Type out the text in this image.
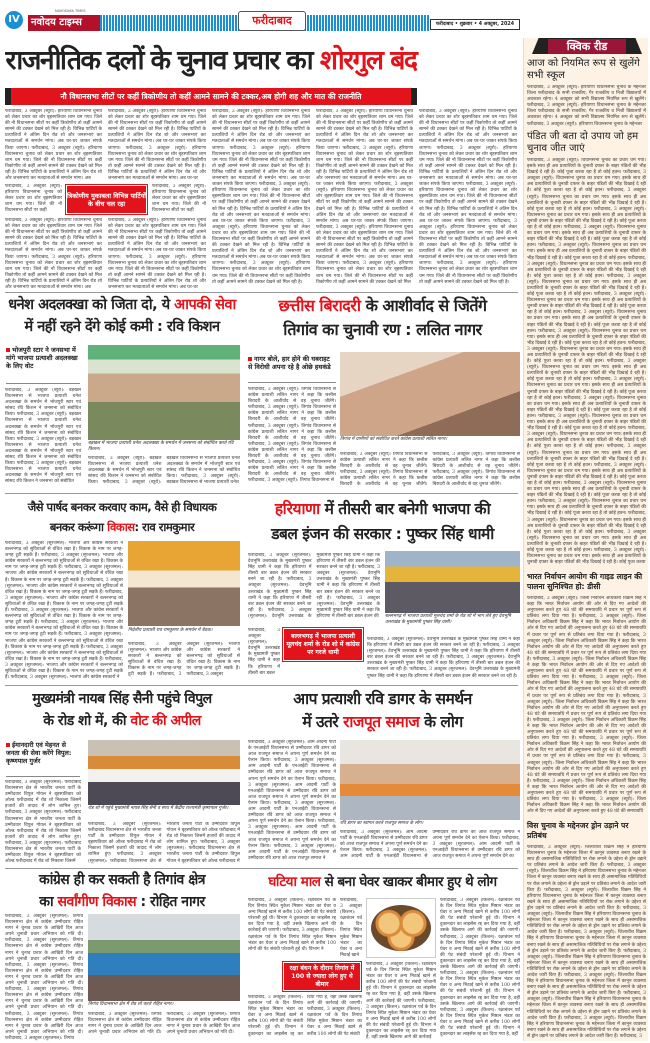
IV
NAVODAYA TIMES
नवोदय टाइम्स	फरीदाबाद	फरीदाबाद • शुक्रवार • 4 अक्टूबर, 2024
राजनीतिक दलों के चुनाव प्रचार का शोरगुल बंद
नौ विधानसभा सीटों पर कहीं त्रिकोणीय तो कहीं आमने सामने की टक्कर,अब होगी शह और मात की राजनीति
फरीदाबाद, 3 अक्टूबर (ब्यूरो): हरियाणा विधानसभा चुनाव को लेकर प्रचार का शोर बृहस्पतिवार शाम थम गया। जिले की नौ विधानसभा सीटों पर कहीं त्रिकोणीय तो कहीं आमने सामने की टक्कर देखने को मिल रही है। विभिन्न पार्टियों के प्रत्याशियों ने अंतिम दिन रोड शो और जनसभाएं कर मतदाताओं से समर्थन मांगा। अब घर-घर जाकर संपर्क किया जाएगा। फरीदाबाद, 3 अक्टूबर (ब्यूरो): हरियाणा विधानसभा चुनाव को लेकर प्रचार का शोर बृहस्पतिवार शाम थम गया। जिले की नौ विधानसभा सीटों पर कहीं त्रिकोणीय तो कहीं आमने सामने की टक्कर देखने को मिल रही है। विभिन्न पार्टियों के प्रत्याशियों ने अंतिम दिन रोड शो और जनसभाएं कर मतदाताओं से समर्थन मांगा। अब
फरीदाबाद, 3 अक्टूबर (ब्यूरो): हरियाणा विधानसभा चुनाव को लेकर प्रचार का शोर बृहस्पतिवार शाम थम गया। जिले की नौ विधानसभा सीटों पर कहीं
फरीदाबाद, 3 अक्टूबर (ब्यूरो): हरियाणा विधानसभा चुनाव को लेकर प्रचार का शोर बृहस्पतिवार शाम थम गया। जिले की नौ विधानसभा सीटों पर कहीं त्रिकोणीय तो कहीं आमने सामने की टक्कर देखने को मिल रही है। विभिन्न पार्टियों के प्रत्याशियों ने अंतिम दिन रोड शो और जनसभाएं कर मतदाताओं से समर्थन मांगा। अब घर-घर जाकर संपर्क किया जाएगा। फरीदाबाद, 3 अक्टूबर (ब्यूरो): हरियाणा विधानसभा चुनाव को लेकर प्रचार का शोर बृहस्पतिवार शाम थम गया। जिले की नौ विधानसभा सीटों पर कहीं त्रिकोणीय तो कहीं आमने सामने की टक्कर देखने को मिल रही है। विभिन्न पार्टियों के प्रत्याशियों ने अंतिम दिन रोड शो और जनसभाएं कर मतदाताओं से समर्थन मांगा। अब
फरीदाबाद, 3 अक्टूबर (ब्यूरो): हरियाणा विधानसभा चुनाव को लेकर प्रचार का शोर बृहस्पतिवार शाम थम गया। जिले की नौ विधानसभा सीटों पर कहीं त्रिकोणीय तो कहीं आमने सामने की टक्कर देखने को मिल रही है। विभिन्न पार्टियों के प्रत्याशियों ने अंतिम दिन रोड शो और जनसभाएं कर मतदाताओं से समर्थन मांगा। अब घर-घर जाकर संपर्क किया जाएगा। फरीदाबाद, 3 अक्टूबर (ब्यूरो): हरियाणा विधानसभा चुनाव को लेकर प्रचार का शोर बृहस्पतिवार शाम थम गया। जिले की नौ विधानसभा सीटों पर कहीं त्रिकोणीय तो कहीं आमने सामने की टक्कर देखने को मिल रही है। विभिन्न पार्टियों के प्रत्याशियों ने अंतिम दिन रोड शो और जनसभाएं कर मतदाताओं से समर्थन मांगा। अब घर-घर
फरीदाबाद, 3 अक्टूबर (ब्यूरो): हरियाणा विधानसभा चुनाव को लेकर प्रचार का शोर बृहस्पतिवार शाम थम गया। जिले की नौ विधानसभा सीटों पर कहीं
फरीदाबाद, 3 अक्टूबर (ब्यूरो): हरियाणा विधानसभा चुनाव को लेकर प्रचार का शोर बृहस्पतिवार शाम थम गया। जिले की नौ विधानसभा सीटों पर कहीं त्रिकोणीय तो कहीं आमने सामने की टक्कर देखने को मिल रही है। विभिन्न पार्टियों के प्रत्याशियों ने अंतिम दिन रोड शो और जनसभाएं कर मतदाताओं से समर्थन मांगा। अब घर-घर जाकर संपर्क किया जाएगा। फरीदाबाद, 3 अक्टूबर (ब्यूरो): हरियाणा विधानसभा चुनाव को लेकर प्रचार का शोर बृहस्पतिवार शाम थम गया। जिले की नौ विधानसभा सीटों पर कहीं त्रिकोणीय तो कहीं आमने सामने की टक्कर देखने को मिल रही है। विभिन्न पार्टियों के प्रत्याशियों ने अंतिम दिन रोड शो और जनसभाएं कर मतदाताओं से समर्थन मांगा। अब घर-घर
फरीदाबाद, 3 अक्टूबर (ब्यूरो): हरियाणा विधानसभा चुनाव को लेकर प्रचार का शोर बृहस्पतिवार शाम थम गया। जिले की नौ विधानसभा सीटों पर कहीं त्रिकोणीय तो कहीं आमने सामने की टक्कर देखने को मिल रही है। विभिन्न पार्टियों के प्रत्याशियों ने अंतिम दिन रोड शो और जनसभाएं कर मतदाताओं से समर्थन मांगा। अब घर-घर जाकर संपर्क किया जाएगा। फरीदाबाद, 3 अक्टूबर (ब्यूरो): हरियाणा विधानसभा चुनाव को लेकर प्रचार का शोर बृहस्पतिवार शाम थम गया। जिले की नौ विधानसभा सीटों पर कहीं त्रिकोणीय तो कहीं आमने सामने की टक्कर देखने को मिल रही है। विभिन्न पार्टियों के प्रत्याशियों ने अंतिम दिन रोड शो और जनसभाएं कर मतदाताओं से समर्थन मांगा। अब घर-घर जाकर संपर्क किया जाएगा। फरीदाबाद, 3 अक्टूबर (ब्यूरो): हरियाणा विधानसभा चुनाव को लेकर प्रचार का शोर बृहस्पतिवार शाम थम गया। जिले की नौ विधानसभा सीटों पर कहीं त्रिकोणीय तो कहीं आमने सामने की टक्कर देखने को मिल रही है। विभिन्न पार्टियों के प्रत्याशियों ने अंतिम दिन रोड शो और जनसभाएं कर मतदाताओं से समर्थन मांगा। अब घर-घर जाकर संपर्क किया जाएगा। फरीदाबाद, 3 अक्टूबर (ब्यूरो): हरियाणा विधानसभा चुनाव को लेकर प्रचार का शोर बृहस्पतिवार शाम थम गया। जिले की नौ विधानसभा सीटों पर कहीं त्रिकोणीय तो कहीं आमने सामने की टक्कर देखने को मिल रही है। विभिन्न पार्टियों के प्रत्याशियों ने अंतिम दिन रोड शो और जनसभाएं कर मतदाताओं से समर्थन मांगा। अब घर-घर जाकर संपर्क किया जाएगा। फरीदाबाद, 3 अक्टूबर (ब्यूरो): हरियाणा विधानसभा चुनाव को लेकर प्रचार का शोर बृहस्पतिवार शाम थम गया। जिले की नौ विधानसभा सीटों पर कहीं त्रिकोणीय तो कहीं आमने सामने की टक्कर देखने को मिल रही है।
फरीदाबाद, 3 अक्टूबर (ब्यूरो): हरियाणा विधानसभा चुनाव को लेकर प्रचार का शोर बृहस्पतिवार शाम थम गया। जिले की नौ विधानसभा सीटों पर कहीं त्रिकोणीय तो कहीं आमने सामने की टक्कर देखने को मिल रही है। विभिन्न पार्टियों के प्रत्याशियों ने अंतिम दिन रोड शो और जनसभाएं कर मतदाताओं से समर्थन मांगा। अब घर-घर जाकर संपर्क किया जाएगा। फरीदाबाद, 3 अक्टूबर (ब्यूरो): हरियाणा विधानसभा चुनाव को लेकर प्रचार का शोर बृहस्पतिवार शाम थम गया। जिले की नौ विधानसभा सीटों पर कहीं त्रिकोणीय तो कहीं आमने सामने की टक्कर देखने को मिल रही है। विभिन्न पार्टियों के प्रत्याशियों ने अंतिम दिन रोड शो और जनसभाएं कर मतदाताओं से समर्थन मांगा। अब घर-घर जाकर संपर्क किया जाएगा। फरीदाबाद, 3 अक्टूबर (ब्यूरो): हरियाणा विधानसभा चुनाव को लेकर प्रचार का शोर बृहस्पतिवार शाम थम गया। जिले की नौ विधानसभा सीटों पर कहीं त्रिकोणीय तो कहीं आमने सामने की टक्कर देखने को मिल रही है। विभिन्न पार्टियों के प्रत्याशियों ने अंतिम दिन रोड शो और जनसभाएं कर मतदाताओं से समर्थन मांगा। अब घर-घर जाकर संपर्क किया जाएगा। फरीदाबाद, 3 अक्टूबर (ब्यूरो): हरियाणा विधानसभा चुनाव को लेकर प्रचार का शोर बृहस्पतिवार शाम थम गया। जिले की नौ विधानसभा सीटों पर कहीं त्रिकोणीय तो कहीं आमने सामने की टक्कर देखने को मिल रही है। विभिन्न पार्टियों के प्रत्याशियों ने अंतिम दिन रोड शो और जनसभाएं कर मतदाताओं से समर्थन मांगा। अब घर-घर जाकर संपर्क किया जाएगा। फरीदाबाद, 3 अक्टूबर (ब्यूरो): हरियाणा विधानसभा चुनाव को लेकर प्रचार का शोर बृहस्पतिवार शाम थम गया। जिले की नौ विधानसभा सीटों पर कहीं त्रिकोणीय तो कहीं आमने सामने की टक्कर देखने को मिल
फरीदाबाद, 3 अक्टूबर (ब्यूरो): हरियाणा विधानसभा चुनाव को लेकर प्रचार का शोर बृहस्पतिवार शाम थम गया। जिले की नौ विधानसभा सीटों पर कहीं त्रिकोणीय तो कहीं आमने सामने की टक्कर देखने को मिल रही है। विभिन्न पार्टियों के प्रत्याशियों ने अंतिम दिन रोड शो और जनसभाएं कर मतदाताओं से समर्थन मांगा। अब घर-घर जाकर संपर्क किया जाएगा। फरीदाबाद, 3 अक्टूबर (ब्यूरो): हरियाणा विधानसभा चुनाव को लेकर प्रचार का शोर बृहस्पतिवार शाम थम गया। जिले की नौ विधानसभा सीटों पर कहीं त्रिकोणीय तो कहीं आमने सामने की टक्कर देखने को मिल रही है। विभिन्न पार्टियों के प्रत्याशियों ने अंतिम दिन रोड शो और जनसभाएं कर मतदाताओं से समर्थन मांगा। अब घर-घर जाकर संपर्क किया जाएगा। फरीदाबाद, 3 अक्टूबर (ब्यूरो): हरियाणा विधानसभा चुनाव को लेकर प्रचार का शोर बृहस्पतिवार शाम थम गया। जिले की नौ विधानसभा सीटों पर कहीं त्रिकोणीय तो कहीं आमने सामने की टक्कर देखने को मिल रही है। विभिन्न पार्टियों के प्रत्याशियों ने अंतिम दिन रोड शो और जनसभाएं कर मतदाताओं से समर्थन मांगा। अब घर-घर जाकर संपर्क किया जाएगा। फरीदाबाद, 3 अक्टूबर (ब्यूरो): हरियाणा विधानसभा चुनाव को लेकर प्रचार का शोर बृहस्पतिवार शाम थम गया। जिले की नौ विधानसभा सीटों पर कहीं त्रिकोणीय तो कहीं आमने सामने की टक्कर देखने को मिल रही है। विभिन्न पार्टियों के प्रत्याशियों ने अंतिम दिन रोड शो और जनसभाएं कर मतदाताओं से समर्थन मांगा। अब घर-घर जाकर संपर्क किया जाएगा। फरीदाबाद, 3 अक्टूबर (ब्यूरो): हरियाणा विधानसभा चुनाव को लेकर प्रचार का शोर बृहस्पतिवार शाम थम गया। जिले की नौ विधानसभा सीटों पर कहीं त्रिकोणीय तो कहीं आमने सामने की टक्कर देखने को मिल रही है।
त्रिकोणीय मुकाबला विभिन्न पार्टियों के बीच चल रहा
धनेश अदलक्खा को जिता दो, ये आपकी सेवा
में नहीं रहने देंगे कोई कमी : रवि किशन
भोजपुरी स्टार ने जनसभा में मांगे भाजपा प्रत्याशी अदलक्खा के लिए वोट
बड़खल में भाजपा प्रत्याशी धनेश अदलक्खा के समर्थन में जनसभा को संबोधित करते रवि किशन।
फरीदाबाद, 3 अक्टूबर (ब्यूरो): बड़खल विधानसभा से भाजपा प्रत्याशी धनेश अदलक्खा के समर्थन में भोजपुरी स्टार एवं सांसद रवि किशन ने जनसभा को संबोधित किया। फरीदाबाद, 3 अक्टूबर (ब्यूरो): बड़खल विधानसभा से भाजपा प्रत्याशी धनेश अदलक्खा के समर्थन में भोजपुरी स्टार एवं सांसद रवि किशन ने जनसभा को संबोधित किया। फरीदाबाद, 3 अक्टूबर (ब्यूरो): बड़खल विधानसभा से भाजपा प्रत्याशी धनेश अदलक्खा के समर्थन में भोजपुरी स्टार एवं सांसद रवि किशन ने जनसभा को संबोधित किया। फरीदाबाद, 3 अक्टूबर (ब्यूरो): बड़खल विधानसभा से भाजपा प्रत्याशी धनेश अदलक्खा के समर्थन में भोजपुरी स्टार एवं सांसद रवि किशन ने जनसभा को संबोधित
फरीदाबाद, 3 अक्टूबर (ब्यूरो): बड़खल विधानसभा से भाजपा प्रत्याशी धनेश अदलक्खा के समर्थन में भोजपुरी स्टार एवं सांसद रवि किशन ने जनसभा को संबोधित किया। फरीदाबाद, 3 अक्टूबर (ब्यूरो): बड़खल विधानसभा से भाजपा प्रत्याशी धनेश अदलक्खा के समर्थन में भोजपुरी स्टार एवं सांसद रवि किशन ने जनसभा को संबोधित किया। फरीदाबाद, 3 अक्टूबर (ब्यूरो): बड़खल विधानसभा से भाजपा प्रत्याशी धनेश
छत्तीस बिरादरी के आशीर्वाद से जितेंगे
तिगांव का चुनावी रण : ललित नागर
नागर बोले, हार होने की घबराहट से विरोधी अपना रहे है ओछे हथकंडे
तिगांव में ग्रामीणों को संबोधित करते कांग्रेस प्रत्याशी ललित नागर।
फरीदाबाद, 3 अक्टूबर (ब्यूरो): तिगांव विधानसभा से कांग्रेस प्रत्याशी ललित नागर ने कहा कि छत्तीस बिरादरी के आशीर्वाद से वह चुनाव जीतेंगे। फरीदाबाद, 3 अक्टूबर (ब्यूरो): तिगांव विधानसभा से कांग्रेस प्रत्याशी ललित नागर ने कहा कि छत्तीस बिरादरी के आशीर्वाद से वह चुनाव जीतेंगे। फरीदाबाद, 3 अक्टूबर (ब्यूरो): तिगांव विधानसभा से कांग्रेस प्रत्याशी ललित नागर ने कहा कि छत्तीस बिरादरी के आशीर्वाद से वह चुनाव जीतेंगे। फरीदाबाद, 3 अक्टूबर (ब्यूरो): तिगांव विधानसभा से कांग्रेस प्रत्याशी ललित नागर ने कहा कि छत्तीस बिरादरी के आशीर्वाद से वह चुनाव जीतेंगे। फरीदाबाद, 3 अक्टूबर (ब्यूरो): तिगांव विधानसभा से कांग्रेस प्रत्याशी ललित नागर ने कहा कि छत्तीस बिरादरी के आशीर्वाद से वह चुनाव जीतेंगे। फरीदाबाद, 3 अक्टूबर (ब्यूरो): तिगांव विधानसभा से
फरीदाबाद, 3 अक्टूबर (ब्यूरो): तिगांव विधानसभा से कांग्रेस प्रत्याशी ललित नागर ने कहा कि छत्तीस बिरादरी के आशीर्वाद से वह चुनाव जीतेंगे। फरीदाबाद, 3 अक्टूबर (ब्यूरो): तिगांव विधानसभा से कांग्रेस प्रत्याशी ललित नागर ने कहा कि छत्तीस बिरादरी के आशीर्वाद से वह चुनाव जीतेंगे। फरीदाबाद, 3 अक्टूबर (ब्यूरो): तिगांव विधानसभा से कांग्रेस प्रत्याशी ललित नागर ने कहा कि छत्तीस बिरादरी के आशीर्वाद से वह चुनाव जीतेंगे। फरीदाबाद, 3 अक्टूबर (ब्यूरो): तिगांव विधानसभा से कांग्रेस प्रत्याशी ललित नागर ने कहा कि छत्तीस बिरादरी के आशीर्वाद से वह चुनाव जीतेंगे।
जैसे पार्षद बनकर करवाए काम, वैसे ही विधायक
बनकर करूंगा विकास: राव रामकुमार
फरीदाबाद, 3 अक्टूबर (सूरजमल): भाजपा और कांग्रेस सरकारों ने बल्लभगढ़ को सुविधाओं से वंचित रखा है। विकास के नाम पर जगह-जगह टूटी सड़कें हैं। फरीदाबाद, 3 अक्टूबर (सूरजमल): भाजपा और कांग्रेस सरकारों ने बल्लभगढ़ को सुविधाओं से वंचित रखा है। विकास के नाम पर जगह-जगह टूटी सड़कें हैं। फरीदाबाद, 3 अक्टूबर (सूरजमल): भाजपा और कांग्रेस सरकारों ने बल्लभगढ़ को सुविधाओं से वंचित रखा है। विकास के नाम पर जगह-जगह टूटी सड़कें हैं। फरीदाबाद, 3 अक्टूबर (सूरजमल): भाजपा और कांग्रेस सरकारों ने बल्लभगढ़ को सुविधाओं से वंचित रखा है। विकास के नाम पर जगह-जगह टूटी सड़कें हैं। फरीदाबाद, 3 अक्टूबर (सूरजमल): भाजपा और कांग्रेस सरकारों ने बल्लभगढ़ को सुविधाओं से वंचित रखा है। विकास के नाम पर जगह-जगह टूटी सड़कें हैं। फरीदाबाद, 3 अक्टूबर (सूरजमल): भाजपा और कांग्रेस सरकारों ने बल्लभगढ़ को सुविधाओं से वंचित रखा है। विकास के नाम पर जगह-जगह टूटी सड़कें हैं। फरीदाबाद, 3 अक्टूबर (सूरजमल): भाजपा और कांग्रेस सरकारों ने बल्लभगढ़ को सुविधाओं से वंचित रखा है। विकास के नाम पर जगह-जगह टूटी सड़कें हैं। फरीदाबाद, 3 अक्टूबर (सूरजमल): भाजपा और कांग्रेस सरकारों ने बल्लभगढ़ को सुविधाओं से वंचित रखा है। विकास के नाम पर जगह-जगह टूटी सड़कें हैं। फरीदाबाद, 3 अक्टूबर (सूरजमल): भाजपा और कांग्रेस सरकारों ने बल्लभगढ़ को सुविधाओं से वंचित रखा है। विकास के नाम पर जगह-जगह टूटी सड़कें हैं। फरीदाबाद, 3 अक्टूबर (सूरजमल): भाजपा और कांग्रेस सरकारों ने बल्लभगढ़ को सुविधाओं से वंचित रखा है। विकास के नाम पर जगह-जगह टूटी सड़कें हैं। फरीदाबाद, 3 अक्टूबर (सूरजमल): भाजपा और कांग्रेस सरकारों ने
निर्दलीय प्रत्याशी राव रामकुमार के समर्थन में बैठक।
फरीदाबाद, 3 अक्टूबर (सूरजमल): भाजपा और कांग्रेस सरकारों ने बल्लभगढ़ को सुविधाओं से वंचित रखा है। विकास के नाम पर जगह-जगह टूटी सड़कें हैं। फरीदाबाद, 3 अक्टूबर (सूरजमल): भाजपा और कांग्रेस सरकारों ने बल्लभगढ़ को सुविधाओं से वंचित रखा है। विकास के नाम पर जगह-जगह टूटी सड़कें हैं। फरीदाबाद, 3 अक्टूबर
हरियाणा में तीसरी बार बनेगी भाजपा की
डबल इंजन की सरकार : पुष्कर सिंह धामी
फरीदाबाद, 3 अक्टूबर (सूरजमल): देवभूमि उत्तराखंड के मुख्यमंत्री पुष्कर सिंह धामी ने कहा कि हरियाणा में तीसरी बार डबल इंजन की सरकार बनने जा रही है। फरीदाबाद, 3 अक्टूबर (सूरजमल): देवभूमि उत्तराखंड के मुख्यमंत्री पुष्कर सिंह धामी ने कहा कि हरियाणा में तीसरी बार डबल इंजन की सरकार बनने जा रही है। फरीदाबाद, 3 अक्टूबर (सूरजमल): देवभूमि उत्तराखंड के मुख्यमंत्री पुष्कर सिंह धामी ने कहा कि हरियाणा में तीसरी बार डबल इंजन की सरकार बनने जा रही है। फरीदाबाद, 3 अक्टूबर (सूरजमल): देवभूमि उत्तराखंड के मुख्यमंत्री पुष्कर सिंह धामी ने कहा कि हरियाणा में तीसरी बार डबल इंजन की सरकार बनने जा रही है। फरीदाबाद, 3 अक्टूबर (सूरजमल): देवभूमि उत्तराखंड के मुख्यमंत्री पुष्कर सिंह धामी ने कहा कि हरियाणा में तीसरी बार डबल इंजन की बल्लभगढ़ में भाजपा प्रत्याशी मूलचंद शर्मा के रोड शो में भाग लेते हुए देवभूमि उत्तराखंड के मुख्यमंत्री पुष्कर सिंह धामी।
बल्लभगढ़ में भाजपा प्रत्याशी मूलचंद शर्मा के रोड शो में कांग्रेस पर गरजे धामी
फरीदाबाद, 3 अक्टूबर (सूरजमल): देवभूमि उत्तराखंड के मुख्यमंत्री पुष्कर सिंह धामी ने कहा कि हरियाणा में तीसरी बार डबल
फरीदाबाद, 3 अक्टूबर (सूरजमल): देवभूमि उत्तराखंड के मुख्यमंत्री पुष्कर सिंह धामी ने कहा कि हरियाणा में तीसरी बार डबल इंजन की सरकार बनने जा रही है। फरीदाबाद, 3 अक्टूबर (सूरजमल): देवभूमि उत्तराखंड के मुख्यमंत्री पुष्कर सिंह धामी ने कहा कि हरियाणा में तीसरी बार डबल इंजन की सरकार बनने जा रही है। फरीदाबाद, 3 अक्टूबर (सूरजमल): देवभूमि उत्तराखंड के मुख्यमंत्री पुष्कर सिंह धामी ने कहा कि हरियाणा में तीसरी बार डबल इंजन की सरकार बनने जा रही है। फरीदाबाद, 3 अक्टूबर (सूरजमल): देवभूमि उत्तराखंड के मुख्यमंत्री पुष्कर सिंह धामी ने कहा कि हरियाणा में तीसरी बार डबल इंजन की सरकार बनने जा रही है।
मुख्यमंत्री नायब सिंह सैनी पहुंचे विपुल
के रोड शो में, की वोट की अपील
ईमानदारी एवं मेहनत से जनता की सेवा करेंगे विपुल: कृष्णपाल गुर्जर
रोड शो में पहुंचे मुख्यमंत्री नायब सिंह सैनी व साथ में केंद्रीय राज्यमंत्री कृष्णपाल गुर्जर।
फरीदाबाद, 3 अक्टूबर (सूरजमल): फरीदाबाद विधानसभा क्षेत्र से भारतीय जनता पार्टी के उम्मीदवार विपुल गोयल ने बृहस्पतिवार को ओल्ड फरीदाबाद में रोड शो निकाला जिसमें हजारों की तादाद में लोग शामिल हुए। फरीदाबाद, 3 अक्टूबर (सूरजमल): फरीदाबाद विधानसभा क्षेत्र से भारतीय जनता पार्टी के उम्मीदवार विपुल गोयल ने बृहस्पतिवार को ओल्ड फरीदाबाद में रोड शो निकाला जिसमें हजारों की तादाद में लोग शामिल हुए। फरीदाबाद, 3 अक्टूबर (सूरजमल): फरीदाबाद विधानसभा क्षेत्र से भारतीय जनता पार्टी के उम्मीदवार विपुल गोयल ने बृहस्पतिवार को ओल्ड फरीदाबाद में रोड शो निकाला जिसमें
फरीदाबाद, 3 अक्टूबर (सूरजमल): फरीदाबाद विधानसभा क्षेत्र से भारतीय जनता पार्टी के उम्मीदवार विपुल गोयल ने बृहस्पतिवार को ओल्ड फरीदाबाद में रोड शो निकाला जिसमें हजारों की तादाद में लोग शामिल हुए। फरीदाबाद, 3 अक्टूबर (सूरजमल): फरीदाबाद विधानसभा क्षेत्र से भारतीय जनता पार्टी के उम्मीदवार विपुल गोयल ने बृहस्पतिवार को ओल्ड फरीदाबाद में रोड शो निकाला जिसमें हजारों की तादाद में लोग शामिल हुए। फरीदाबाद, 3 अक्टूबर (सूरजमल): फरीदाबाद विधानसभा क्षेत्र से भारतीय जनता पार्टी के उम्मीदवार विपुल गोयल ने बृहस्पतिवार को ओल्ड फरीदाबाद में
आप प्रत्याशी रवि डागर के समर्थन
में उतरे राजपूत समाज के लोग
फरीदाबाद, 3 अक्टूबर (सूरजमल): आम आदमी पार्टी के एनआईटी विधानसभा से उम्मीदवार रवि डागर को आज राजपूत समाज ने अपना पूर्ण समर्थन देने का ऐलान किया। फरीदाबाद, 3 अक्टूबर (सूरजमल): आम आदमी पार्टी के एनआईटी विधानसभा से उम्मीदवार रवि डागर को आज राजपूत समाज ने अपना पूर्ण समर्थन देने का ऐलान किया। फरीदाबाद, 3 अक्टूबर (सूरजमल): आम आदमी पार्टी के एनआईटी विधानसभा से उम्मीदवार रवि डागर को आज राजपूत समाज ने अपना पूर्ण समर्थन देने का ऐलान किया। फरीदाबाद, 3 अक्टूबर (सूरजमल): आम आदमी पार्टी के एनआईटी विधानसभा से उम्मीदवार रवि डागर को आज राजपूत समाज ने अपना पूर्ण समर्थन देने का ऐलान किया। फरीदाबाद, 3 अक्टूबर (सूरजमल): आम आदमी पार्टी के एनआईटी विधानसभा से उम्मीदवार रवि डागर को आज राजपूत समाज ने अपना पूर्ण समर्थन देने का ऐलान किया। फरीदाबाद, 3 अक्टूबर (सूरजमल): आम आदमी पार्टी के एनआईटी विधानसभा से उम्मीदवार रवि डागर को आज राजपूत समाज ने
रवि डागर का स्वागत करते राजपूत समाज के लोग।
फरीदाबाद, 3 अक्टूबर (सूरजमल): आम आदमी पार्टी के एनआईटी विधानसभा से उम्मीदवार रवि डागर को आज राजपूत समाज ने अपना पूर्ण समर्थन देने का ऐलान किया। फरीदाबाद, 3 अक्टूबर (सूरजमल): आम आदमी पार्टी के एनआईटी विधानसभा से उम्मीदवार रवि डागर को आज राजपूत समाज ने अपना पूर्ण समर्थन देने का ऐलान किया। फरीदाबाद, 3 अक्टूबर (सूरजमल): आम आदमी पार्टी के एनआईटी विधानसभा से उम्मीदवार रवि डागर को आज राजपूत समाज ने अपना पूर्ण समर्थन देने का
कांग्रेस ही कर सकती है तिगांव क्षेत्र
का सर्वांगीण विकास : रोहित नागर
फरीदाबाद, 3 अक्टूबर (सूरजमल): तिगांव विधानसभा क्षेत्र से कांग्रेस उम्मीदवार रोहित नागर ने चुनाव प्रचार के आखिरी दिन आज अपने चुनावी प्रचार अभियान को गति दी। फरीदाबाद, 3 अक्टूबर (सूरजमल): तिगांव विधानसभा क्षेत्र से कांग्रेस उम्मीदवार रोहित नागर ने चुनाव प्रचार के आखिरी दिन आज अपने चुनावी प्रचार अभियान को गति दी। फरीदाबाद, 3 अक्टूबर (सूरजमल): तिगांव विधानसभा क्षेत्र से कांग्रेस उम्मीदवार रोहित नागर ने चुनाव प्रचार के आखिरी दिन आज अपने चुनावी प्रचार अभियान को गति दी। फरीदाबाद, 3 अक्टूबर (सूरजमल): तिगांव विधानसभा क्षेत्र से कांग्रेस उम्मीदवार रोहित नागर ने चुनाव प्रचार के आखिरी दिन आज अपने चुनावी प्रचार अभियान को गति दी। फरीदाबाद, 3 अक्टूबर (सूरजमल): तिगांव विधानसभा क्षेत्र से कांग्रेस उम्मीदवार रोहित नागर ने चुनाव प्रचार के आखिरी दिन आज अपने चुनावी प्रचार अभियान को गति दी। फरीदाबाद, 3 अक्टूबर (सूरजमल): तिगांव
तिगांव विधानसभा क्षेत्र में रोड शो करते रोहित नागर।
फरीदाबाद, 3 अक्टूबर (सूरजमल): तिगांव विधानसभा क्षेत्र से कांग्रेस उम्मीदवार रोहित नागर ने चुनाव प्रचार के आखिरी दिन आज अपने चुनावी प्रचार अभियान को गति दी। फरीदाबाद, 3 अक्टूबर (सूरजमल): तिगांव विधानसभा क्षेत्र से कांग्रेस उम्मीदवार रोहित नागर ने चुनाव प्रचार के आखिरी दिन आज अपने चुनावी प्रचार अभियान को गति दी।
घटिया माल से बना घेवर खाकर बीमार हुए थे लोग
फरीदाबाद, 3 अक्टूबर (किशन): रक्षाबंधन पर्व के दिन तिगांव स्थित मुकेश मिष्ठान भंडार का घेवर व अन्य मिठाई खाने से करीब 100 लोगों की पेट संबंधी परेशानी हुई थी। विभाग ने दुकानदार का लाइसेंस रद्द कर दिया गया है, वहीं उसके खिलाफ आगे की कार्रवाई की जाएगी। फरीदाबाद, 3 अक्टूबर (किशन): रक्षाबंधन पर्व के दिन तिगांव स्थित मुकेश मिष्ठान भंडार का घेवर व अन्य मिठाई खाने से करीब 100 लोगों की पेट संबंधी परेशानी हुई थी। विभाग ने
फरीदाबाद, 3 अक्टूबर (किशन): रक्षाबंधन पर्व के दिन तिगांव स्थित मुकेश मिष्ठान भंडार का घेवर व अन्य मिठाई खाने
फरीदाबाद, 3 अक्टूबर (किशन): रक्षाबंधन पर्व के दिन तिगांव स्थित मुकेश मिष्ठान भंडार का घेवर व अन्य मिठाई खाने से करीब 100 लोगों की पेट संबंधी परेशानी हुई थी। विभाग ने दुकानदार का लाइसेंस रद्द कर दिया गया है, वहीं उसके खिलाफ आगे की कार्रवाई की जाएगी। फरीदाबाद, 3 अक्टूबर (किशन): रक्षाबंधन पर्व के दिन तिगांव स्थित मुकेश मिष्ठान भंडार का घेवर व अन्य मिठाई खाने से करीब 100 लोगों की पेट संबंधी परेशानी हुई थी। विभाग ने दुकानदार का लाइसेंस रद्द कर दिया गया है, वहीं उसके खिलाफ आगे की कार्रवाई की जाएगी। फरीदाबाद, 3 अक्टूबर (किशन): रक्षाबंधन पर्व के दिन तिगांव स्थित मुकेश मिष्ठान भंडार का घेवर व अन्य मिठाई खाने से करीब 100 लोगों की पेट संबंधी परेशानी हुई थी। विभाग ने दुकानदार का लाइसेंस रद्द कर दिया गया है, वहीं उसके खिलाफ आगे की कार्रवाई की जाएगी। फरीदाबाद, 3 अक्टूबर (किशन): रक्षाबंधन पर्व के दिन तिगांव स्थित मुकेश मिष्ठान भंडार का घेवर व अन्य मिठाई खाने से करीब 100 लोगों की पेट संबंधी परेशानी हुई थी। विभाग ने दुकानदार का लाइसेंस रद्द कर दिया गया है, वहीं
रक्षा बंधन के दौरान तिगांव में 100 से ज्यादा लोग हुए थे बीमार
फरीदाबाद, 3 अक्टूबर (किशन): रक्षाबंधन पर्व के दिन तिगांव स्थित मुकेश मिष्ठान भंडार का घेवर व अन्य मिठाई खाने से करीब 100 लोगों की पेट संबंधी परेशानी हुई थी। विभाग ने दुकानदार का लाइसेंस रद्द कर दिया गया है, वहीं उसके खिलाफ आगे की कार्रवाई की जाएगी। फरीदाबाद, 3 अक्टूबर (किशन): रक्षाबंधन पर्व के दिन तिगांव स्थित मुकेश मिष्ठान भंडार का घेवर व अन्य मिठाई खाने से करीब 100 लोगों की पेट संबंधी परेशानी हुई थी। विभाग ने दुकानदार का लाइसेंस रद्द कर दिया गया है, वहीं उसके खिलाफ आगे की कार्रवाई
फरीदाबाद, 3 अक्टूबर (किशन): रक्षाबंधन पर्व के दिन तिगांव स्थित मुकेश मिष्ठान भंडार का घेवर व अन्य मिठाई खाने से करीब 100 लोगों की पेट संबंधी परेशानी हुई थी। विभाग ने दुकानदार का लाइसेंस रद्द कर दिया गया है, वहीं उसके खिलाफ आगे की कार्रवाई की जाएगी। फरीदाबाद, 3 अक्टूबर (किशन): रक्षाबंधन पर्व के दिन तिगांव स्थित मुकेश मिष्ठान भंडार का घेवर व अन्य मिठाई खाने से करीब 100 लोगों की पेट संबंधी
क्विक रीड
आज को नियमित रूप से खुलेंगे सभी स्कूल
फरीदाबाद, 3 अक्टूबर (ब्यूरो): हरियाणा विधानसभा चुनाव के मद्देनजर जिला फरीदाबाद के सभी राजकीय, गैर राजकीय व निजी विद्यालयों में अवकाश रहेगा। 4 अक्टूबर को सभी विद्यालय नियमित रूप से खुलेंगे। फरीदाबाद, 3 अक्टूबर (ब्यूरो): हरियाणा विधानसभा चुनाव के मद्देनजर जिला फरीदाबाद के सभी राजकीय, गैर राजकीय व निजी विद्यालयों में अवकाश रहेगा। 4 अक्टूबर को सभी विद्यालय नियमित रूप से खुलेंगे। फरीदाबाद, 3 अक्टूबर (ब्यूरो): हरियाणा विधानसभा चुनाव के मद्देनजर
पंडित जी बता दो उपाय जो हम चुनाव जीत जाएं
फरीदाबाद, 3 अक्टूबर (ब्यूरो): विधानसभा चुनाव का प्रचार थम गया। इसके साथ ही अब प्रत्याशियों के चुनावी दफ्तर के बाहर पंडितों की भीड़ दिखाई दे रही है। कोई पूजा करवा रहा है तो कोई हवन। फरीदाबाद, 3 अक्टूबर (ब्यूरो): विधानसभा चुनाव का प्रचार थम गया। इसके साथ ही अब प्रत्याशियों के चुनावी दफ्तर के बाहर पंडितों की भीड़ दिखाई दे रही है। कोई पूजा करवा रहा है तो कोई हवन। फरीदाबाद, 3 अक्टूबर (ब्यूरो): विधानसभा चुनाव का प्रचार थम गया। इसके साथ ही अब प्रत्याशियों के चुनावी दफ्तर के बाहर पंडितों की भीड़ दिखाई दे रही है। कोई पूजा करवा रहा है तो कोई हवन। फरीदाबाद, 3 अक्टूबर (ब्यूरो): विधानसभा चुनाव का प्रचार थम गया। इसके साथ ही अब प्रत्याशियों के चुनावी दफ्तर के बाहर पंडितों की भीड़ दिखाई दे रही है। कोई पूजा करवा रहा है तो कोई हवन। फरीदाबाद, 3 अक्टूबर (ब्यूरो): विधानसभा चुनाव का प्रचार थम गया। इसके साथ ही अब प्रत्याशियों के चुनावी दफ्तर के बाहर पंडितों की भीड़ दिखाई दे रही है। कोई पूजा करवा रहा है तो कोई हवन। फरीदाबाद, 3 अक्टूबर (ब्यूरो): विधानसभा चुनाव का प्रचार थम गया। इसके साथ ही अब प्रत्याशियों के चुनावी दफ्तर के बाहर पंडितों की भीड़ दिखाई दे रही है। कोई पूजा करवा रहा है तो कोई हवन। फरीदाबाद, 3 अक्टूबर (ब्यूरो): विधानसभा चुनाव का प्रचार थम गया। इसके साथ ही अब प्रत्याशियों के चुनावी दफ्तर के बाहर पंडितों की भीड़ दिखाई दे रही है। कोई पूजा करवा रहा है तो कोई हवन। फरीदाबाद, 3 अक्टूबर (ब्यूरो): विधानसभा चुनाव का प्रचार थम गया। इसके साथ ही अब प्रत्याशियों के चुनावी दफ्तर के बाहर पंडितों की भीड़ दिखाई दे रही है। कोई पूजा करवा रहा है तो कोई हवन। फरीदाबाद, 3 अक्टूबर (ब्यूरो): विधानसभा चुनाव का प्रचार थम गया। इसके साथ ही अब प्रत्याशियों के चुनावी दफ्तर के बाहर पंडितों की भीड़ दिखाई दे रही है। कोई पूजा करवा रहा है तो कोई हवन। फरीदाबाद, 3 अक्टूबर (ब्यूरो): विधानसभा चुनाव का प्रचार थम गया। इसके साथ ही अब प्रत्याशियों के चुनावी दफ्तर के बाहर पंडितों की भीड़ दिखाई दे रही है। कोई पूजा करवा रहा है तो कोई हवन। फरीदाबाद, 3 अक्टूबर (ब्यूरो): विधानसभा चुनाव का प्रचार थम गया। इसके साथ ही अब प्रत्याशियों के चुनावी दफ्तर के बाहर पंडितों की भीड़ दिखाई दे रही है। कोई पूजा करवा रहा है तो कोई हवन। फरीदाबाद, 3 अक्टूबर (ब्यूरो): विधानसभा चुनाव का प्रचार थम गया। इसके साथ ही अब प्रत्याशियों के चुनावी दफ्तर के बाहर पंडितों की भीड़ दिखाई दे रही है। कोई पूजा करवा रहा है तो कोई हवन। फरीदाबाद, 3 अक्टूबर (ब्यूरो): विधानसभा चुनाव का प्रचार थम गया। इसके साथ ही अब प्रत्याशियों के चुनावी दफ्तर के बाहर पंडितों की भीड़ दिखाई दे रही है। कोई पूजा करवा रहा है तो कोई हवन। फरीदाबाद, 3 अक्टूबर (ब्यूरो): विधानसभा चुनाव का प्रचार थम गया। इसके साथ ही अब प्रत्याशियों के चुनावी दफ्तर के बाहर पंडितों की भीड़ दिखाई दे रही है। कोई पूजा करवा रहा है तो कोई हवन। फरीदाबाद, 3 अक्टूबर (ब्यूरो): विधानसभा चुनाव का प्रचार थम गया। इसके साथ ही अब प्रत्याशियों के चुनावी दफ्तर के बाहर पंडितों की भीड़ दिखाई दे रही है। कोई पूजा करवा रहा है तो कोई हवन। फरीदाबाद, 3 अक्टूबर (ब्यूरो): विधानसभा चुनाव का प्रचार थम गया। इसके साथ ही अब प्रत्याशियों के चुनावी दफ्तर के बाहर पंडितों की भीड़ दिखाई दे रही है। कोई पूजा करवा रहा है तो कोई हवन। फरीदाबाद, 3 अक्टूबर (ब्यूरो): विधानसभा चुनाव का प्रचार थम गया। इसके साथ ही अब प्रत्याशियों के चुनावी दफ्तर के बाहर पंडितों की भीड़ दिखाई दे रही है। कोई पूजा करवा रहा है तो कोई हवन। फरीदाबाद, 3 अक्टूबर (ब्यूरो): विधानसभा चुनाव का प्रचार थम गया। इसके साथ ही अब प्रत्याशियों के चुनावी दफ्तर के बाहर पंडितों की भीड़ दिखाई दे रही है। कोई पूजा करवा रहा है तो कोई हवन। फरीदाबाद, 3 अक्टूबर (ब्यूरो): विधानसभा चुनाव का प्रचार थम गया। इसके साथ ही अब प्रत्याशियों के चुनावी दफ्तर के बाहर पंडितों की भीड़ दिखाई दे रही है। कोई पूजा करवा रहा है तो कोई हवन। फरीदाबाद, 3 अक्टूबर (ब्यूरो): विधानसभा चुनाव का प्रचार थम गया। इसके साथ ही अब प्रत्याशियों के चुनावी दफ्तर के बाहर पंडितों की भीड़ दिखाई दे रही है। कोई पूजा करवा रहा है तो कोई हवन। फरीदाबाद, 3 अक्टूबर (ब्यूरो): विधानसभा चुनाव का प्रचार थम गया। इसके साथ ही अब प्रत्याशियों के चुनावी दफ्तर के बाहर पंडितों की भीड़ दिखाई दे रही है। कोई पूजा करवा रहा है तो कोई हवन। फरीदाबाद, 3 अक्टूबर (ब्यूरो): विधानसभा चुनाव का प्रचार थम गया। इसके साथ ही अब प्रत्याशियों के चुनावी दफ्तर के बाहर पंडितों की भीड़ दिखाई दे रही है। कोई पूजा करवा रहा है तो कोई हवन। फरीदाबाद, 3 अक्टूबर (ब्यूरो): विधानसभा चुनाव का प्रचार थम गया। इसके साथ ही अब प्रत्याशियों के चुनावी दफ्तर के बाहर पंडितों की भीड़ दिखाई दे रही है। कोई पूजा करवा रहा है तो कोई हवन। फरीदाबाद, 3 अक्टूबर (ब्यूरो): विधानसभा चुनाव का प्रचार थम गया। इसके साथ ही अब प्रत्याशियों के चुनावी दफ्तर के बाहर पंडितों की भीड़ दिखाई दे रही है। कोई पूजा करवा
भारत निर्वाचन आयोग की गाइड लाइन की पालना सुनिश्चित हो: डीसी
फरीदाबाद, 3 अक्टूबर (ब्यूरो): जिला निर्वाचन अधिकारी विक्रम सिंह ने कहा कि भारत निर्वाचन आयोग की ओर से दिए गए आदेशों की अनुपालना करते हुए 48 घंटे की समयावधि में प्रचार पर पूर्ण रूप से प्रतिबंध लगा दिया गया है। फरीदाबाद, 3 अक्टूबर (ब्यूरो): जिला निर्वाचन अधिकारी विक्रम सिंह ने कहा कि भारत निर्वाचन आयोग की ओर से दिए गए आदेशों की अनुपालना करते हुए 48 घंटे की समयावधि में प्रचार पर पूर्ण रूप से प्रतिबंध लगा दिया गया है। फरीदाबाद, 3 अक्टूबर (ब्यूरो): जिला निर्वाचन अधिकारी विक्रम सिंह ने कहा कि भारत निर्वाचन आयोग की ओर से दिए गए आदेशों की अनुपालना करते हुए 48 घंटे की समयावधि में प्रचार पर पूर्ण रूप से प्रतिबंध लगा दिया गया है। फरीदाबाद, 3 अक्टूबर (ब्यूरो): जिला निर्वाचन अधिकारी विक्रम सिंह ने कहा कि भारत निर्वाचन आयोग की ओर से दिए गए आदेशों की अनुपालना करते हुए 48 घंटे की समयावधि में प्रचार पर पूर्ण रूप से प्रतिबंध लगा दिया गया है। फरीदाबाद, 3 अक्टूबर (ब्यूरो): जिला निर्वाचन अधिकारी विक्रम सिंह ने कहा कि भारत निर्वाचन आयोग की ओर से दिए गए आदेशों की अनुपालना करते हुए 48 घंटे की समयावधि में प्रचार पर पूर्ण रूप से प्रतिबंध लगा दिया गया है। फरीदाबाद, 3 अक्टूबर (ब्यूरो): जिला निर्वाचन अधिकारी विक्रम सिंह ने कहा कि भारत निर्वाचन आयोग की ओर से दिए गए आदेशों की अनुपालना करते हुए 48 घंटे की समयावधि में प्रचार पर पूर्ण रूप से प्रतिबंध लगा दिया गया है। फरीदाबाद, 3 अक्टूबर (ब्यूरो): जिला निर्वाचन अधिकारी विक्रम सिंह ने कहा कि भारत निर्वाचन आयोग की ओर से दिए गए आदेशों की अनुपालना करते हुए 48 घंटे की समयावधि में प्रचार पर पूर्ण रूप से प्रतिबंध लगा दिया गया है। फरीदाबाद, 3 अक्टूबर (ब्यूरो): जिला निर्वाचन अधिकारी विक्रम सिंह ने कहा कि भारत निर्वाचन आयोग की ओर से दिए गए आदेशों की अनुपालना करते हुए 48 घंटे की समयावधि में प्रचार पर पूर्ण रूप से प्रतिबंध लगा दिया गया है। फरीदाबाद, 3 अक्टूबर (ब्यूरो): जिला निर्वाचन अधिकारी विक्रम सिंह ने कहा कि भारत निर्वाचन आयोग की ओर से दिए गए आदेशों की अनुपालना करते हुए 48 घंटे की समयावधि में प्रचार पर पूर्ण रूप से प्रतिबंध लगा दिया गया है। फरीदाबाद, 3 अक्टूबर (ब्यूरो): जिला निर्वाचन अधिकारी विक्रम सिंह ने कहा कि भारत निर्वाचन आयोग की ओर से दिए गए आदेशों की अनुपालना करते हुए 48 घंटे की समयावधि में प्रचार पर पूर्ण रूप से प्रतिबंध लगा दिया गया है। फरीदाबाद, 3 अक्टूबर (ब्यूरो): जिला निर्वाचन अधिकारी विक्रम सिंह ने कहा कि भारत निर्वाचन आयोग की ओर से दिए गए आदेशों की अनुपालना करते हुए 48 घंटे की समयावधि
विस चुनाव के मद्देनजर ड्रोन उड़ाने पर प्रतिबंध
फरीदाबाद, 3 अक्टूबर (ब्यूरो): जिलाधीश विक्रम सिंह ने हरियाणा विधानसभा चुनाव के मद्देनजर जिला में कानून व्यवस्था बनाए रखने के साथ ही असामाजिक गतिविधियों पर रोक लगाने के उद्देश्य से ड्रोन उड़ाने पर प्रतिबंध लगाने के आदेश जारी किए हैं। फरीदाबाद, 3 अक्टूबर (ब्यूरो): जिलाधीश विक्रम सिंह ने हरियाणा विधानसभा चुनाव के मद्देनजर जिला में कानून व्यवस्था बनाए रखने के साथ ही असामाजिक गतिविधियों पर रोक लगाने के उद्देश्य से ड्रोन उड़ाने पर प्रतिबंध लगाने के आदेश जारी किए हैं। फरीदाबाद, 3 अक्टूबर (ब्यूरो): जिलाधीश विक्रम सिंह ने हरियाणा विधानसभा चुनाव के मद्देनजर जिला में कानून व्यवस्था बनाए रखने के साथ ही असामाजिक गतिविधियों पर रोक लगाने के उद्देश्य से ड्रोन उड़ाने पर प्रतिबंध लगाने के आदेश जारी किए हैं। फरीदाबाद, 3 अक्टूबर (ब्यूरो): जिलाधीश विक्रम सिंह ने हरियाणा विधानसभा चुनाव के मद्देनजर जिला में कानून व्यवस्था बनाए रखने के साथ ही असामाजिक गतिविधियों पर रोक लगाने के उद्देश्य से ड्रोन उड़ाने पर प्रतिबंध लगाने के आदेश जारी किए हैं। फरीदाबाद, 3 अक्टूबर (ब्यूरो): जिलाधीश विक्रम सिंह ने हरियाणा विधानसभा चुनाव के मद्देनजर जिला में कानून व्यवस्था बनाए रखने के साथ ही असामाजिक गतिविधियों पर रोक लगाने के उद्देश्य से ड्रोन उड़ाने पर प्रतिबंध लगाने के आदेश जारी किए हैं। फरीदाबाद, 3 अक्टूबर (ब्यूरो): जिलाधीश विक्रम सिंह ने हरियाणा विधानसभा चुनाव के मद्देनजर जिला में कानून व्यवस्था बनाए रखने के साथ ही असामाजिक गतिविधियों पर रोक लगाने के उद्देश्य से ड्रोन उड़ाने पर प्रतिबंध लगाने के आदेश जारी किए हैं। फरीदाबाद, 3 अक्टूबर (ब्यूरो): जिलाधीश विक्रम सिंह ने हरियाणा विधानसभा चुनाव के मद्देनजर जिला में कानून व्यवस्था बनाए रखने के साथ ही असामाजिक गतिविधियों पर रोक लगाने के उद्देश्य से ड्रोन उड़ाने पर प्रतिबंध लगाने के आदेश जारी किए हैं। फरीदाबाद, 3 अक्टूबर (ब्यूरो): जिलाधीश विक्रम सिंह ने हरियाणा विधानसभा चुनाव के मद्देनजर जिला में कानून व्यवस्था बनाए रखने के साथ ही असामाजिक गतिविधियों पर रोक लगाने के उद्देश्य से ड्रोन उड़ाने पर प्रतिबंध लगाने के आदेश जारी किए हैं। फरीदाबाद, 3 अक्टूबर (ब्यूरो): जिलाधीश विक्रम सिंह ने हरियाणा विधानसभा चुनाव के मद्देनजर जिला में कानून व्यवस्था बनाए रखने के साथ ही असामाजिक गतिविधियों पर रोक लगाने के उद्देश्य से ड्रोन उड़ाने पर प्रतिबंध लगाने के आदेश जारी किए हैं। फरीदाबाद, 3
